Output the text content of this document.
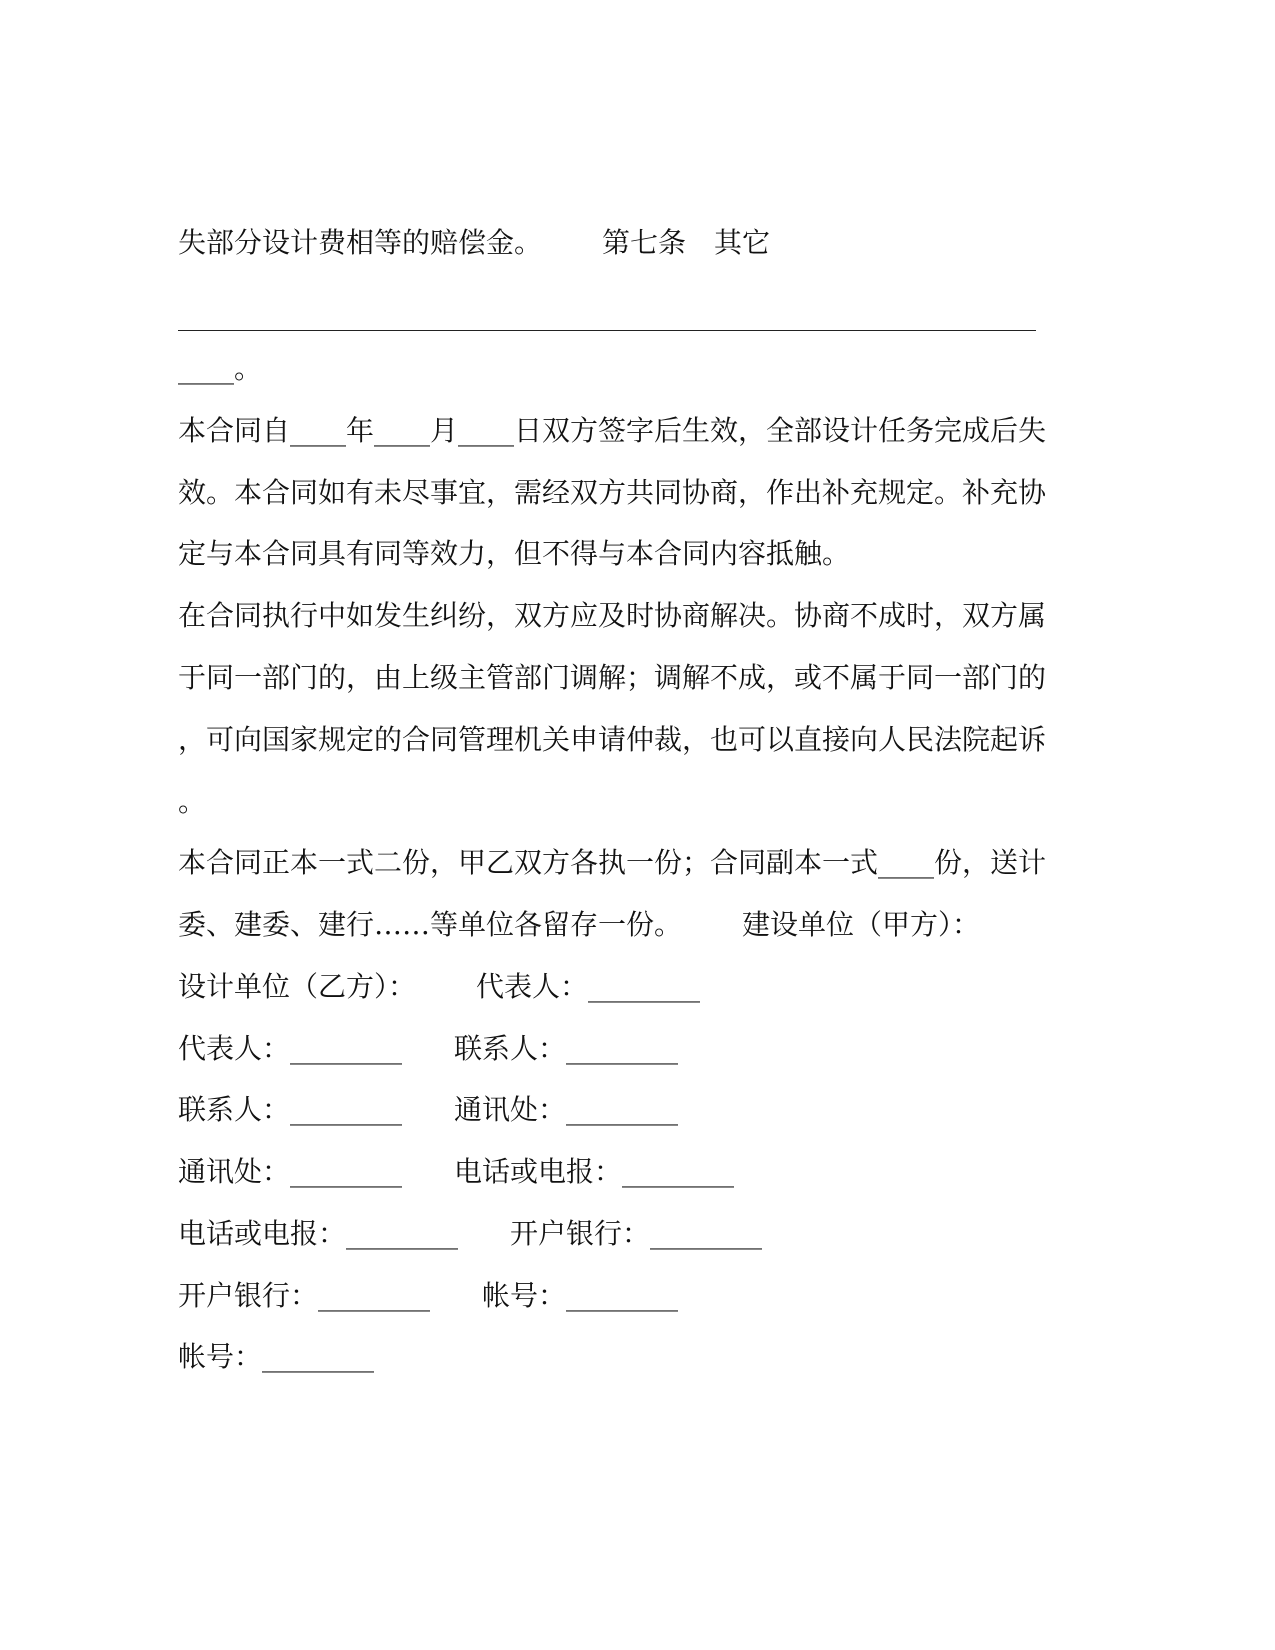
失部分设计费相等的赔偿金。 第七条 其它
____。
本合同自____年____月____日双方签字后生效，全部设计任务完成后失
效。本合同如有未尽事宜，需经双方共同协商，作出补充规定。补充协
定与本合同具有同等效力，但不得与本合同内容抵触。
在合同执行中如发生纠纷，双方应及时协商解决。协商不成时，双方属
于同一部门的，由上级主管部门调解；调解不成，或不属于同一部门的
，可向国家规定的合同管理机关申请仲裁，也可以直接向人民法院起诉
。
本合同正本一式二份，甲乙双方各执一份；合同副本一式____份，送计
委、建委、建行……等单位各留存一份。 建设单位（甲方）：
设计单位（乙方）： 代表人：________
代表人：________ 联系人：________
联系人：________ 通讯处：________
通讯处：________ 电话或电报：________
电话或电报：________ 开户银行：________
开户银行：________ 帐号：________
帐号：________
